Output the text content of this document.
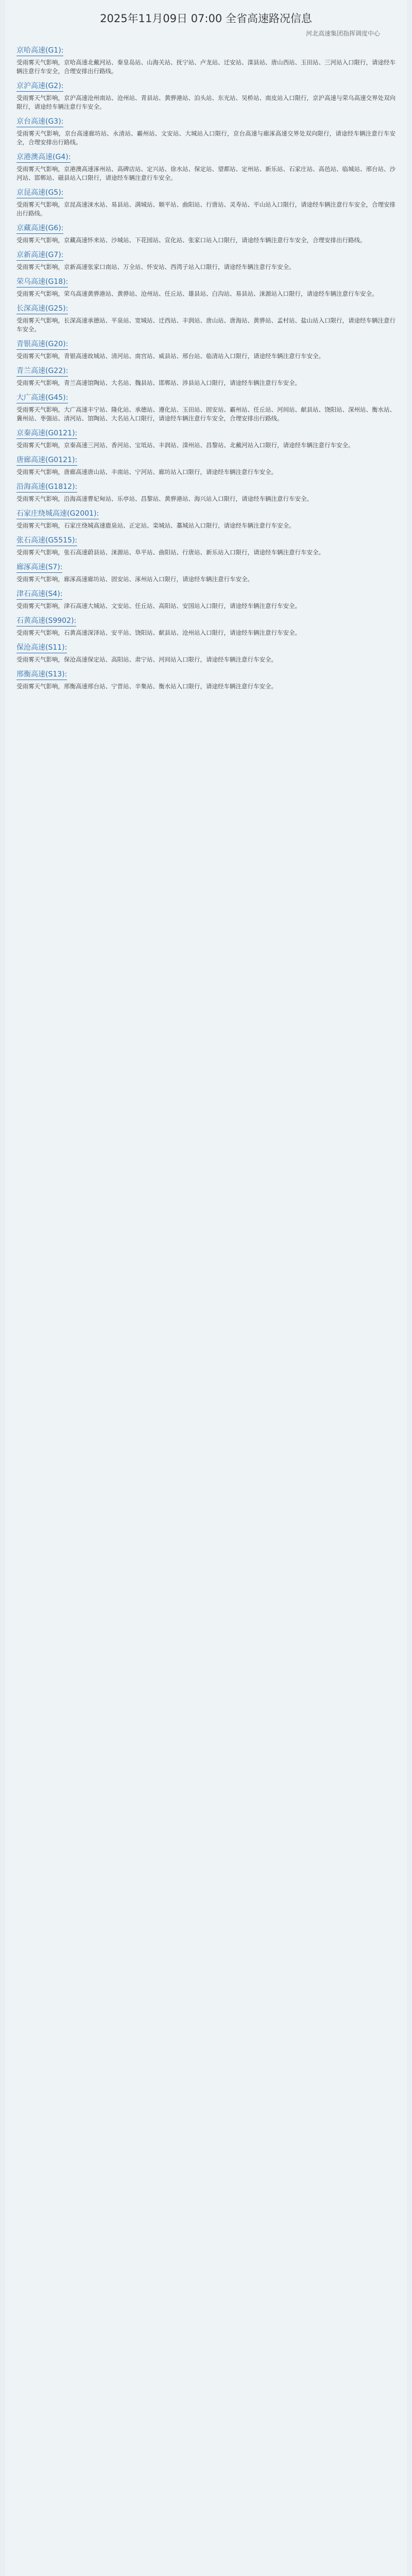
2025年11月09日 07:00 全省高速路况信息
河北高速集团指挥调度中心
京哈高速(G1):
受雨雾天气影响，京哈高速北戴河站、秦皇岛站、山海关站、抚宁站、卢龙站、迁安站、滦县站、唐山西站、玉田站、三河站入口限行，请途经车辆注意行车安全，合理安排出行路线。
京沪高速(G2):
受雨雾天气影响，京沪高速沧州南站、沧州站、青县站、黄骅港站、泊头站、东光站、吴桥站、南皮站入口限行，京沪高速与荣乌高速交界处双向限行，请途经车辆注意行车安全。
京台高速(G3):
受雨雾天气影响，京台高速廊坊站、永清站、霸州站、文安站、大城站入口限行，京台高速与廊涿高速交界处双向限行，请途经车辆注意行车安全，合理安排出行路线。
京港澳高速(G4):
受雨雾天气影响，京港澳高速涿州站、高碑店站、定兴站、徐水站、保定站、望都站、定州站、新乐站、石家庄站、高邑站、临城站、邢台站、沙河站、邯郸站、磁县站入口限行，请途经车辆注意行车安全。
京昆高速(G5):
受雨雾天气影响，京昆高速涞水站、易县站、满城站、顺平站、曲阳站、行唐站、灵寿站、平山站入口限行，请途经车辆注意行车安全，合理安排出行路线。
京藏高速(G6):
受雨雾天气影响，京藏高速怀来站、沙城站、下花园站、宣化站、张家口站入口限行，请途经车辆注意行车安全，合理安排出行路线。
京新高速(G7):
受雨雾天气影响，京新高速张家口南站、万全站、怀安站、西湾子站入口限行，请途经车辆注意行车安全。
荣乌高速(G18):
受雨雾天气影响，荣乌高速黄骅港站、黄骅站、沧州站、任丘站、雄县站、白沟站、易县站、涞源站入口限行，请途经车辆注意行车安全。
长深高速(G25):
受雨雾天气影响，长深高速承德站、平泉站、宽城站、迁西站、丰润站、唐山站、唐海站、黄骅站、孟村站、盐山站入口限行，请途经车辆注意行车安全。
青银高速(G20):
受雨雾天气影响，青银高速故城站、清河站、南宫站、威县站、邢台站、临清站入口限行，请途经车辆注意行车安全。
青兰高速(G22):
受雨雾天气影响，青兰高速馆陶站、大名站、魏县站、邯郸站、涉县站入口限行，请途经车辆注意行车安全。
大广高速(G45):
受雨雾天气影响，大广高速丰宁站、隆化站、承德站、遵化站、玉田站、固安站、霸州站、任丘站、河间站、献县站、饶阳站、深州站、衡水站、冀州站、枣强站、清河站、馆陶站、大名站入口限行，请途经车辆注意行车安全，合理安排出行路线。
京秦高速(G0121):
受雨雾天气影响，京秦高速三河站、香河站、宝坻站、丰润站、滦州站、昌黎站、北戴河站入口限行，请途经车辆注意行车安全。
唐廊高速(G0121):
受雨雾天气影响，唐廊高速唐山站、丰南站、宁河站、廊坊站入口限行，请途经车辆注意行车安全。
沿海高速(G1812):
受雨雾天气影响，沿海高速曹妃甸站、乐亭站、昌黎站、黄骅港站、海兴站入口限行，请途经车辆注意行车安全。
石家庄绕城高速(G2001):
受雨雾天气影响，石家庄绕城高速鹿泉站、正定站、栾城站、藁城站入口限行，请途经车辆注意行车安全。
张石高速(G5515):
受雨雾天气影响，张石高速蔚县站、涞源站、阜平站、曲阳站、行唐站、新乐站入口限行，请途经车辆注意行车安全。
廊涿高速(S7):
受雨雾天气影响，廊涿高速廊坊站、固安站、涿州站入口限行，请途经车辆注意行车安全。
津石高速(S4):
受雨雾天气影响，津石高速大城站、文安站、任丘站、高阳站、安国站入口限行，请途经车辆注意行车安全。
石黄高速(S9902):
受雨雾天气影响，石黄高速深泽站、安平站、饶阳站、献县站、沧州站入口限行，请途经车辆注意行车安全。
保沧高速(S11):
受雨雾天气影响，保沧高速保定站、高阳站、肃宁站、河间站入口限行，请途经车辆注意行车安全。
邢衡高速(S13):
受雨雾天气影响，邢衡高速邢台站、宁晋站、辛集站、衡水站入口限行，请途经车辆注意行车安全。
